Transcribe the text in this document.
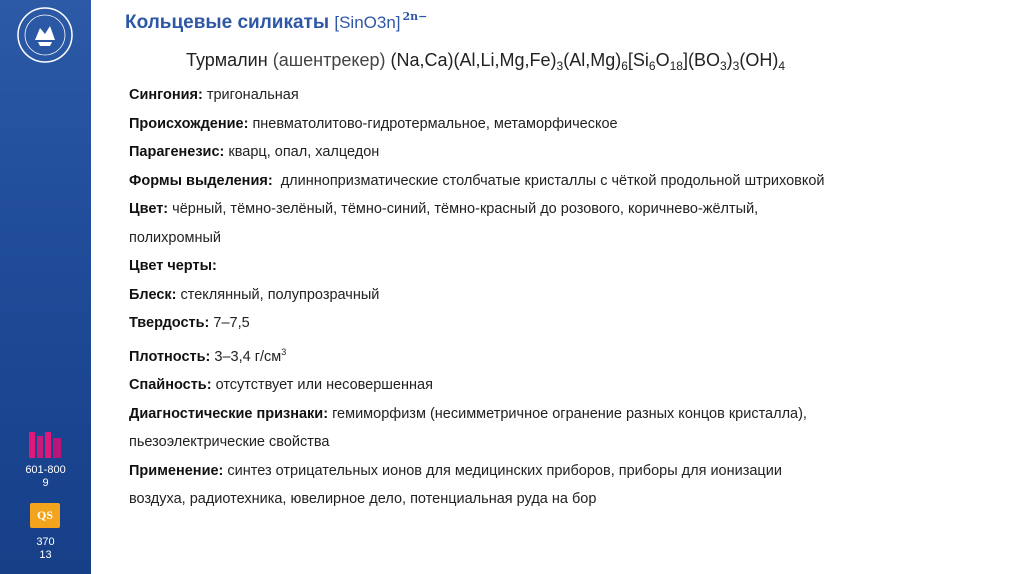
601-800
9
QS
370
13
Кольцевые силикаты [SinO3n] $^{2n-}$
Турмалин (ашентрекер) $(Na,Ca)(Al,Li,Mg,Fe)_3(Al,Mg)_6[Si_6O_{18}](BO_3)_3(OH)_4$

Сингония: тригональная

Происхождение: пневматолитово-гидротермальное, метаморфическое

Парагенезис: кварц, опал, халцедон

Формы выделения: длиннопризматические столбчатые кристаллы с чёткой продольной штриховкой

Цвет: чёрный, тёмно-зелёный, тёмно-синий, тёмно-красный до розового, коричнево-жёлтый,

полихромный

Цвет черты:

Блеск: стеклянный, полупрозрачный

Твердость: 7–7,5

Плотность: 3–3,4 $г/см^3$

Спайность: отсутствует или несовершенная

Диагностические признаки: гемиморфизм (несимметричное огранение разных концов кристалла),

пьезоэлектрические свойства

Применение: синтез отрицательных ионов для медицинских приборов, приборы для ионизации

воздуха, радиотехника, ювелирное дело, потенциальная руда на бор
